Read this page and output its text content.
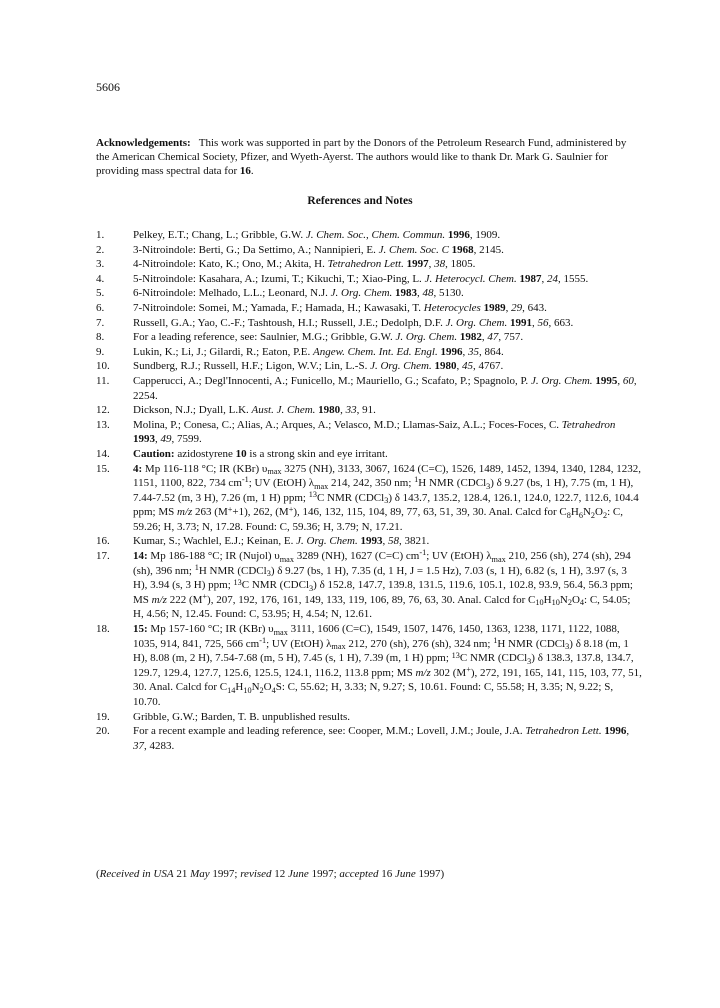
5606
Acknowledgements: This work was supported in part by the Donors of the Petroleum Research Fund, administered by the American Chemical Society, Pfizer, and Wyeth-Ayerst. The authors would like to thank Dr. Mark G. Saulnier for providing mass spectral data for 16.
References and Notes
1.	Pelkey, E.T.; Chang, L.; Gribble, G.W. J. Chem. Soc., Chem. Commun. 1996, 1909.
2.	3-Nitroindole: Berti, G.; Da Settimo, A.; Nannipieri, E. J. Chem. Soc. C 1968, 2145.
3.	4-Nitroindole: Kato, K.; Ono, M.; Akita, H. Tetrahedron Lett. 1997, 38, 1805.
4.	5-Nitroindole: Kasahara, A.; Izumi, T.; Kikuchi, T.; Xiao-Ping, L. J. Heterocycl. Chem. 1987, 24, 1555.
5.	6-Nitroindole: Melhado, L.L.; Leonard, N.J. J. Org. Chem. 1983, 48, 5130.
6.	7-Nitroindole: Somei, M.; Yamada, F.; Hamada, H.; Kawasaki, T. Heterocycles 1989, 29, 643.
7.	Russell, G.A.; Yao, C.-F.; Tashtoush, H.I.; Russell, J.E.; Dedolph, D.F. J. Org. Chem. 1991, 56, 663.
8.	For a leading reference, see: Saulnier, M.G.; Gribble, G.W. J. Org. Chem. 1982, 47, 757.
9.	Lukin, K.; Li, J.; Gilardi, R.; Eaton, P.E. Angew. Chem. Int. Ed. Engl. 1996, 35, 864.
10. Sundberg, R.J.; Russell, H.F.; Ligon, W.V.; Lin, L.-S. J. Org. Chem. 1980, 45, 4767.
11. Capperucci, A.; Degl'Innocenti, A.; Funicello, M.; Mauriello, G.; Scafato, P.; Spagnolo, P. J. Org. Chem. 1995, 60, 2254.
12. Dickson, N.J.; Dyall, L.K. Aust. J. Chem. 1980, 33, 91.
13. Molina, P.; Conesa, C.; Alias, A.; Arques, A.; Velasco, M.D.; Llamas-Saiz, A.L.; Foces-Foces, C. Tetrahedron 1993, 49, 7599.
14. Caution: azidostyrene 10 is a strong skin and eye irritant.
15. 4: Mp 116-118 °C; IR (KBr) $\upsilon_{max}$ 3275 (NH), 3133, 3067, 1624 (C=C), 1526, 1489, 1452, 1394, 1340, 1284, 1232, 1151, 1100, 822, 734 $cm^{-1}$; UV (EtOH) $\lambda_{max}$ 214, 242, 350 nm; $^1$H NMR (CDCl$_3$) δ 9.27 (bs, 1 H), 7.75 (m, 1 H), 7.44-7.52 (m, 3 H), 7.26 (m, 1 H) ppm; $^{13}$C NMR (CDCl$_3$) δ 143.7, 135.2, 128.4, 126.1, 124.0, 122.7, 112.6, 104.4 ppm; MS m/z 263 (M++1), 262, (M+), 146, 132, 115, 104, 89, 77, 63, 51, 39, 30. Anal. Calcd for $C_8H_6N_2O_2$: C, 59.26; H, 3.73; N, 17.28. Found: C, 59.36; H, 3.79; N, 17.21.
16. Kumar, S.; Wachlel, E.J.; Keinan, E. J. Org. Chem. 1993, 58, 3821.
17. 14: Mp 186-188 °C; IR (Nujol) $\upsilon_{max}$ 3289 (NH), 1627 (C=C) $cm^{-1}$; UV (EtOH) $\lambda_{max}$ 210, 256 (sh), 274 (sh), 294 (sh), 396 nm; $^1$H NMR (CDCl$_3$) δ 9.27 (bs, 1 H), 7.35 (d, 1 H, J = 1.5 Hz), 7.03 (s, 1 H), 6.82 (s, 1 H), 3.97 (s, 3 H), 3.94 (s, 3 H) ppm; $^{13}$C NMR (CDCl$_3$) δ 152.8, 147.7, 139.8, 131.5, 119.6, 105.1, 102.8, 93.9, 56.4, 56.3 ppm; MS m/z 222 (M+), 207, 192, 176, 161, 149, 133, 119, 106, 89, 76, 63, 30. Anal. Calcd for $C_{10}H_{10}N_2O_4$: C, 54.05; H, 4.56; N, 12.45. Found: C, 53.95; H, 4.54; N, 12.61.
18. 15: Mp 157-160 °C; IR (KBr) $\upsilon_{max}$ 3111, 1606 (C=C), 1549, 1507, 1476, 1450, 1363, 1238, 1171, 1122, 1088, 1035, 914, 841, 725, 566 $cm^{-1}$; UV (EtOH) $\lambda_{max}$ 212, 270 (sh), 276 (sh), 324 nm; $^1$H NMR (CDCl$_3$) δ 8.18 (m, 1 H), 8.08 (m, 2 H), 7.54-7.68 (m, 5 H), 7.45 (s, 1 H), 7.39 (m, 1 H) ppm; $^{13}$C NMR (CDCl$_3$) δ 138.3, 137.8, 134.7, 129.7, 129.4, 127.7, 125.6, 125.5, 124.1, 116.2, 113.8 ppm; MS m/z 302 (M+), 272, 191, 165, 141, 115, 103, 77, 51, 30. Anal. Calcd for $C_{14}H_{10}N_2O_4S$: C, 55.62; H, 3.33; N, 9.27; S, 10.61. Found: C, 55.58; H, 3.35; N, 9.22; S, 10.70.
19. Gribble, G.W.; Barden, T. B. unpublished results.
20. For a recent example and leading reference, see: Cooper, M.M.; Lovell, J.M.; Joule, J.A. Tetrahedron Lett. 1996, 37, 4283.
(Received in USA 21 May 1997; revised 12 June 1997; accepted 16 June 1997)
